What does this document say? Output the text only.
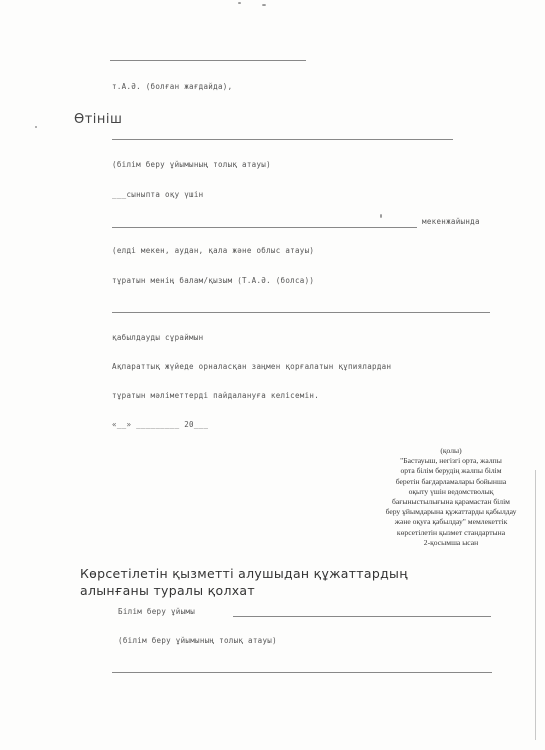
т.А.Ә. (болған жағдайда),
Өтініш
(білім беру ұйымының толық атауы)
___сыныпта оқу үшін
мекенжайында
(елді мекен, аудан, қала және облыс атауы)
тұратын менің балам/қызым (Т.А.Ә. (болса))
қабылдауды сұраймын
Ақпараттық жүйеде орналасқан заңмен қорғалатын құпиялардан
тұратын мәліметтерді пайдалануға келісемін.
«__» _________ 20___
(қолы)
"Бастауыш, негізгі орта, жалпы
орта білім берудің жалпы білім
беретін бағдарламалары бойынша
оқыту үшін ведомстволық
бағыныстылығына қарамастан білім
беру ұйымдарына құжаттарды қабылдау
және оқуға қабылдау" мемлекеттік
көрсетілетін қызмет стандартына
2-қосымша ысан
Көрсетілетін қызметті алушыдан құжаттардың
алынғаны туралы қолхат
Білім беру ұйымы
(білім беру ұйымының толық атауы)
